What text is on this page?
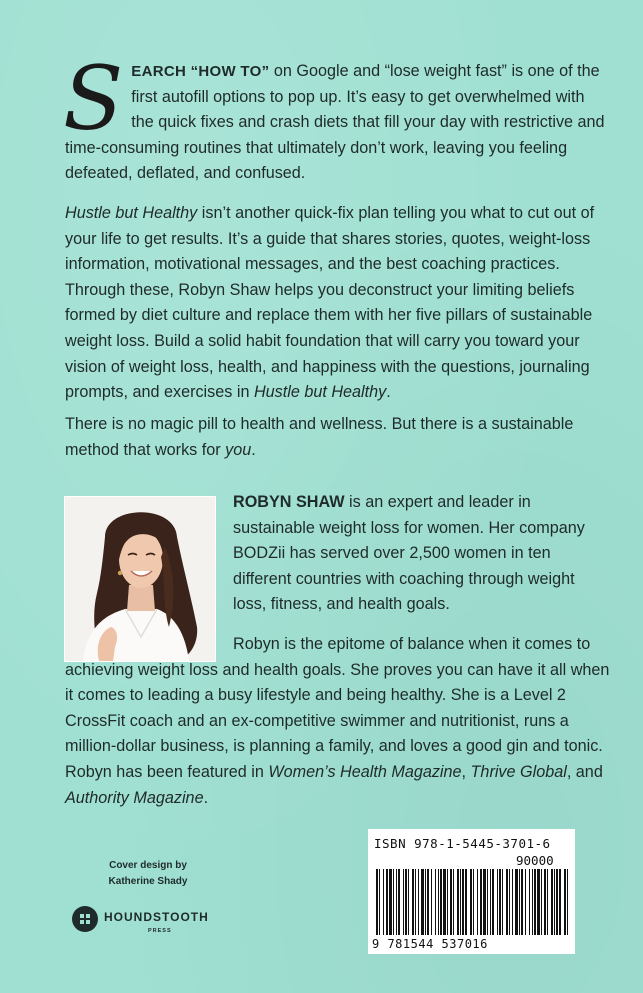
SEARCH “HOW TO” on Google and “lose weight fast” is one of the first autofill options to pop up. It’s easy to get overwhelmed with the quick fixes and crash diets that fill your day with restrictive and time-consuming routines that ultimately don’t work, leaving you feeling defeated, deflated, and confused.

Hustle but Healthy isn’t another quick-fix plan telling you what to cut out of your life to get results. It’s a guide that shares stories, quotes, weight-loss information, motivational messages, and the best coaching practices. Through these, Robyn Shaw helps you deconstruct your limiting beliefs formed by diet culture and replace them with her five pillars of sustainable weight loss. Build a solid habit foundation that will carry you toward your vision of weight loss, health, and happiness with the questions, journaling prompts, and exercises in Hustle but Healthy.

There is no magic pill to health and wellness. But there is a sustainable method that works for you.

ROBYN SHAW is an expert and leader in sustainable weight loss for women. Her company BODZii has served over 2,500 women in ten different countries with coaching through weight loss, fitness, and health goals.

Robyn is the epitome of balance when it comes to achieving weight loss and health goals. She proves you can have it all when it comes to leading a busy lifestyle and being healthy. She is a Level 2 CrossFit coach and an ex-competitive swimmer and nutritionist, runs a million-dollar business, is planning a family, and loves a good gin and tonic. Robyn has been featured in Women’s Health Magazine, Thrive Global, and Authority Magazine.

Cover design by
Katherine Shady
HOUNDSTOOTH
PRESS
ISBN 978-1-5445-3701-6
90000
9 781544 537016
